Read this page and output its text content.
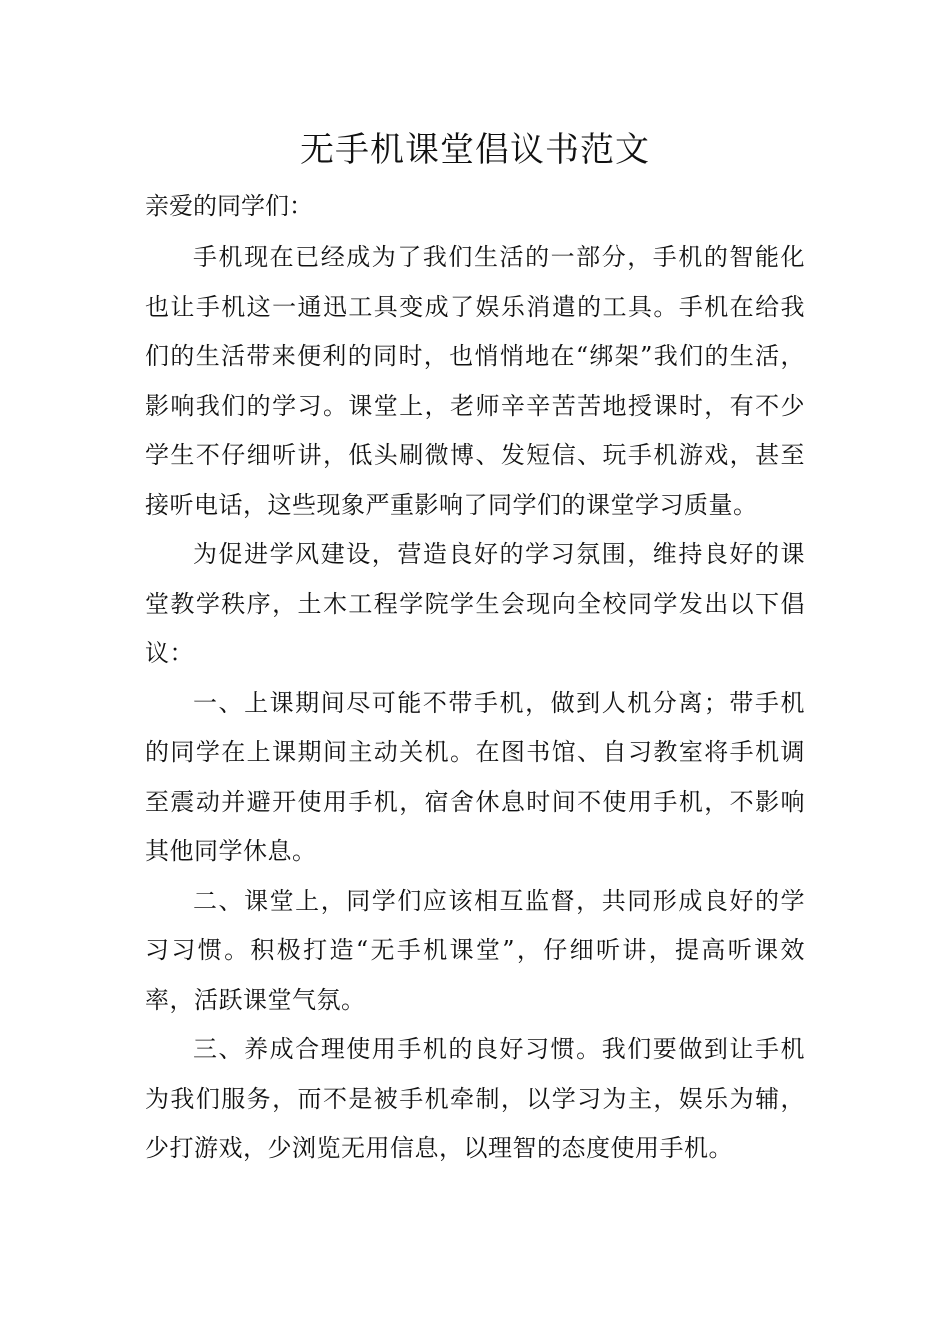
无手机课堂倡议书范文

亲爱的同学们：

手机现在已经成为了我们生活的一部分，手机的智能化也让手机这一通迅工具变成了娱乐消遣的工具。手机在给我们的生活带来便利的同时，也悄悄地在“绑架”我们的生活，影响我们的学习。课堂上，老师辛辛苦苦地授课时，有不少学生不仔细听讲，低头刷微博、发短信、玩手机游戏，甚至接听电话，这些现象严重影响了同学们的课堂学习质量。

为促进学风建设，营造良好的学习氛围，维持良好的课堂教学秩序，土木工程学院学生会现向全校同学发出以下倡议：

一、上课期间尽可能不带手机，做到人机分离；带手机的同学在上课期间主动关机。在图书馆、自习教室将手机调至震动并避开使用手机，宿舍休息时间不使用手机，不影响其他同学休息。

二、课堂上，同学们应该相互监督，共同形成良好的学习习惯。积极打造“无手机课堂”，仔细听讲，提高听课效率，活跃课堂气氛。

三、养成合理使用手机的良好习惯。我们要做到让手机为我们服务，而不是被手机牵制，以学习为主，娱乐为辅，少打游戏，少浏览无用信息，以理智的态度使用手机。
